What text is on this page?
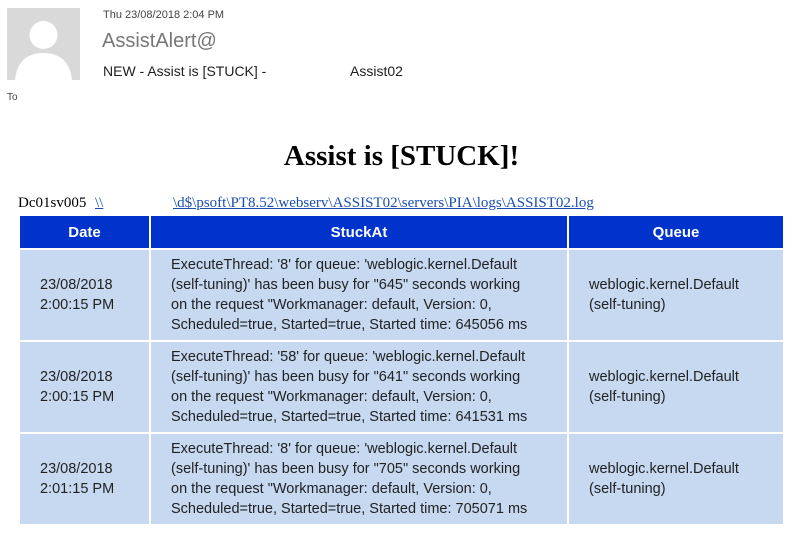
Thu 23/08/2018 2:04 PM
AssistAlert@
NEW - Assist is [STUCK] -	Assist02
To
Assist is [STUCK]!
Dc01sv005 \\	\d$\psoft\PT8.52\webserv\ASSIST02\servers\PIA\logs\ASSIST02.log
Date	StuckAt	Queue

23/08/2018
2:00:15 PM	ExecuteThread: '8' for queue: 'weblogic.kernel.Default
(self-tuning)' has been busy for "645" seconds working
on the request "Workmanager: default, Version: 0,
Scheduled=true, Started=true, Started time: 645056 ms	weblogic.kernel.Default
(self-tuning)

23/08/2018
2:00:15 PM	ExecuteThread: '58' for queue: 'weblogic.kernel.Default
(self-tuning)' has been busy for "641" seconds working
on the request "Workmanager: default, Version: 0,
Scheduled=true, Started=true, Started time: 641531 ms	weblogic.kernel.Default
(self-tuning)

23/08/2018
2:01:15 PM	ExecuteThread: '8' for queue: 'weblogic.kernel.Default
(self-tuning)' has been busy for "705" seconds working
on the request "Workmanager: default, Version: 0,
Scheduled=true, Started=true, Started time: 705071 ms	weblogic.kernel.Default
(self-tuning)
